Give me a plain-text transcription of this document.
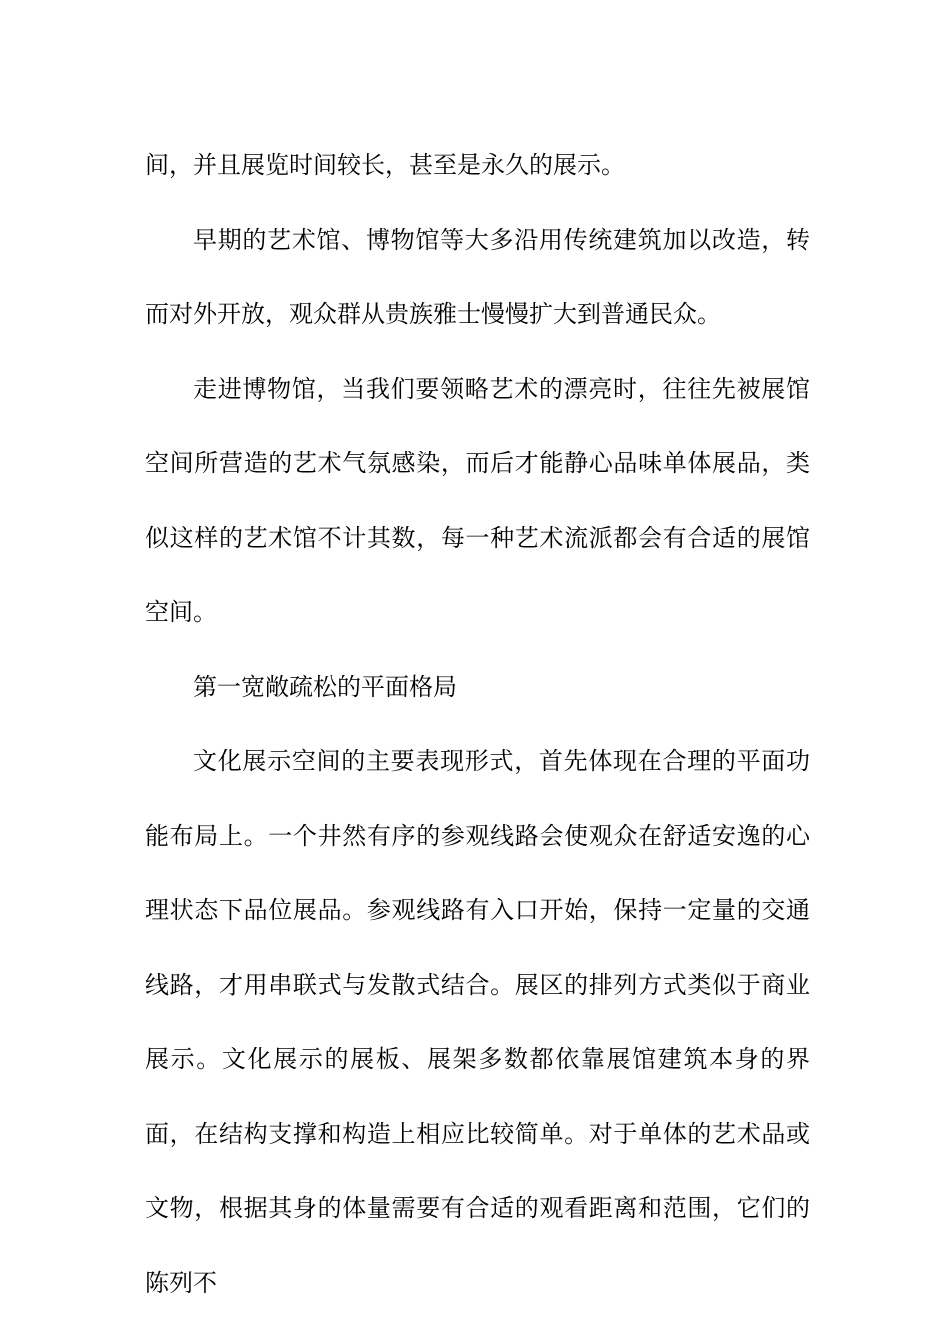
间，并且展览时间较长，甚至是永久的展示。

早期的艺术馆、博物馆等大多沿用传统建筑加以改造，转而对外开放，观众群从贵族雅士慢慢扩大到普通民众。

走进博物馆，当我们要领略艺术的漂亮时，往往先被展馆空间所营造的艺术气氛感染，而后才能静心品味单体展品，类似这样的艺术馆不计其数，每一种艺术流派都会有合适的展馆空间。

第一宽敞疏松的平面格局

文化展示空间的主要表现形式，首先体现在合理的平面功能布局上。一个井然有序的参观线路会使观众在舒适安逸的心理状态下品位展品。参观线路有入口开始，保持一定量的交通线路，才用串联式与发散式结合。展区的排列方式类似于商业展示。文化展示的展板、展架多数都依靠展馆建筑本身的界面，在结构支撑和构造上相应比较简单。对于单体的艺术品或文物，根据其身的体量需要有合适的观看距离和范围，它们的陈列不
